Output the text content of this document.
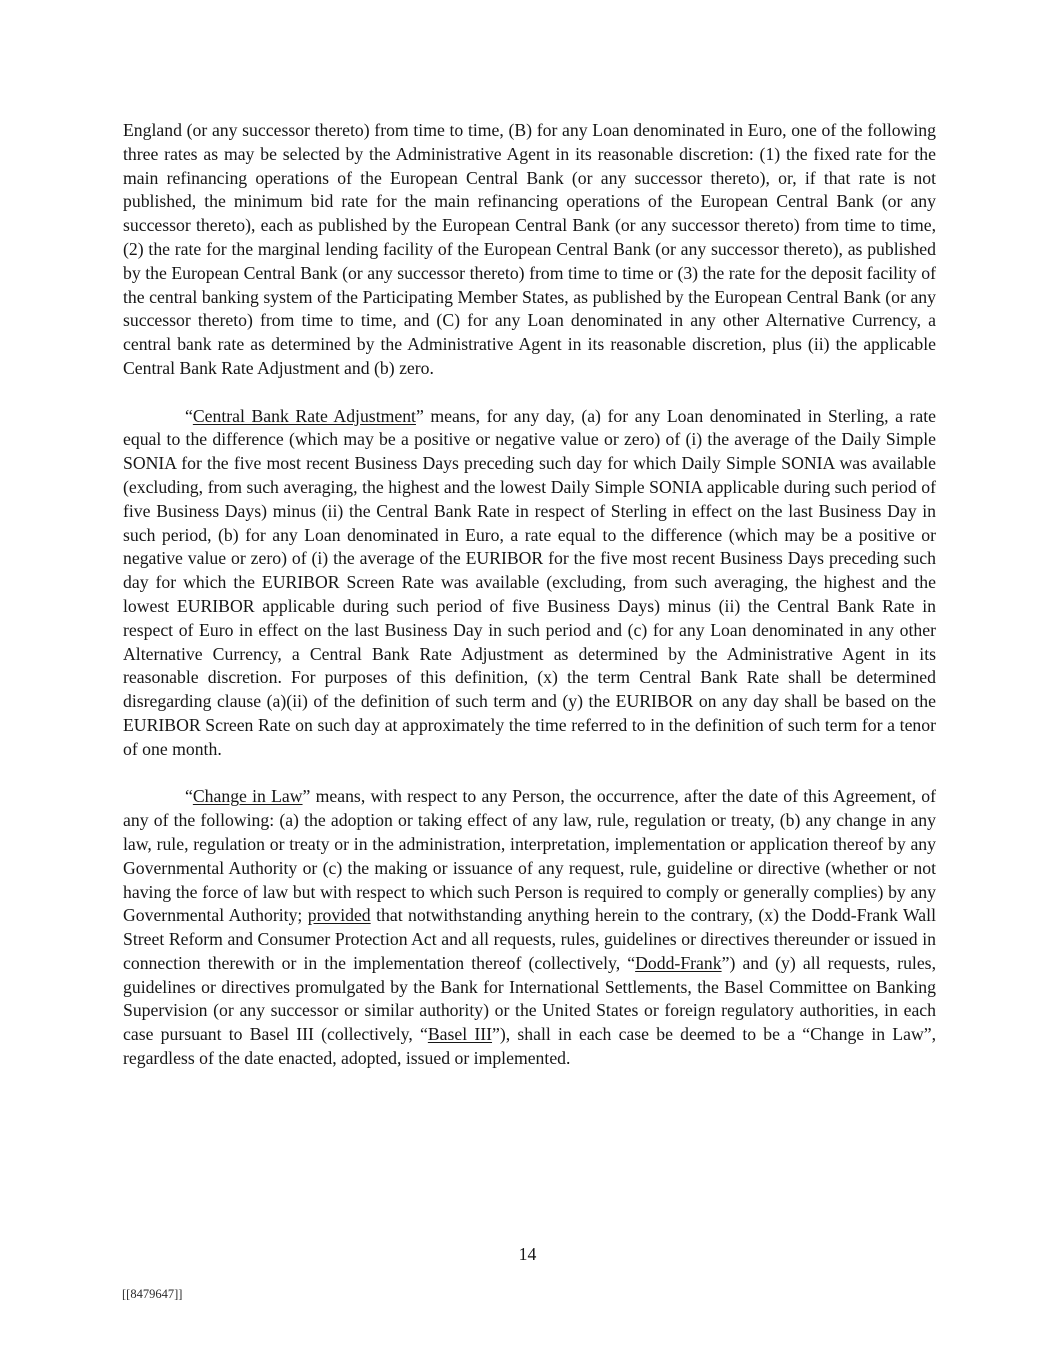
England (or any successor thereto) from time to time, (B) for any Loan denominated in Euro, one of the following three rates as may be selected by the Administrative Agent in its reasonable discretion: (1) the fixed rate for the main refinancing operations of the European Central Bank (or any successor thereto), or, if that rate is not published, the minimum bid rate for the main refinancing operations of the European Central Bank (or any successor thereto), each as published by the European Central Bank (or any successor thereto) from time to time, (2) the rate for the marginal lending facility of the European Central Bank (or any successor thereto), as published by the European Central Bank (or any successor thereto) from time to time or (3) the rate for the deposit facility of the central banking system of the Participating Member States, as published by the European Central Bank (or any successor thereto) from time to time, and (C) for any Loan denominated in any other Alternative Currency, a central bank rate as determined by the Administrative Agent in its reasonable discretion, plus (ii) the applicable Central Bank Rate Adjustment and (b) zero.

“Central Bank Rate Adjustment” means, for any day, (a) for any Loan denominated in Sterling, a rate equal to the difference (which may be a positive or negative value or zero) of (i) the average of the Daily Simple SONIA for the five most recent Business Days preceding such day for which Daily Simple SONIA was available (excluding, from such averaging, the highest and the lowest Daily Simple SONIA applicable during such period of five Business Days) minus (ii) the Central Bank Rate in respect of Sterling in effect on the last Business Day in such period, (b) for any Loan denominated in Euro, a rate equal to the difference (which may be a positive or negative value or zero) of (i) the average of the EURIBOR for the five most recent Business Days preceding such day for which the EURIBOR Screen Rate was available (excluding, from such averaging, the highest and the lowest EURIBOR applicable during such period of five Business Days) minus (ii) the Central Bank Rate in respect of Euro in effect on the last Business Day in such period and (c) for any Loan denominated in any other Alternative Currency, a Central Bank Rate Adjustment as determined by the Administrative Agent in its reasonable discretion. For purposes of this definition, (x) the term Central Bank Rate shall be determined disregarding clause (a)(ii) of the definition of such term and (y) the EURIBOR on any day shall be based on the EURIBOR Screen Rate on such day at approximately the time referred to in the definition of such term for a tenor of one month.

“Change in Law” means, with respect to any Person, the occurrence, after the date of this Agreement, of any of the following: (a) the adoption or taking effect of any law, rule, regulation or treaty, (b) any change in any law, rule, regulation or treaty or in the administration, interpretation, implementation or application thereof by any Governmental Authority or (c) the making or issuance of any request, rule, guideline or directive (whether or not having the force of law but with respect to which such Person is required to comply or generally complies) by any Governmental Authority; provided that notwithstanding anything herein to the contrary, (x) the Dodd-Frank Wall Street Reform and Consumer Protection Act and all requests, rules, guidelines or directives thereunder or issued in connection therewith or in the implementation thereof (collectively, “Dodd-Frank”) and (y) all requests, rules, guidelines or directives promulgated by the Bank for International Settlements, the Basel Committee on Banking Supervision (or any successor or similar authority) or the United States or foreign regulatory authorities, in each case pursuant to Basel III (collectively, “Basel III”), shall in each case be deemed to be a “Change in Law”, regardless of the date enacted, adopted, issued or implemented.

14
[[8479647]]
